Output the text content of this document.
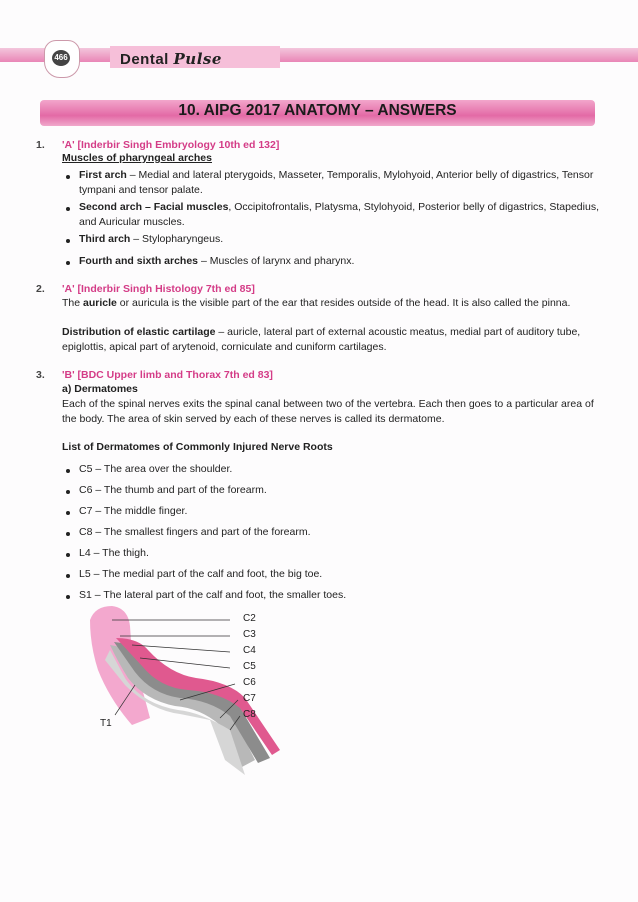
466	Dental Pulse
10. AIPG 2017 ANATOMY – ANSWERS
1. 'A' [Inderbir Singh Embryology 10th ed 132]
Muscles of pharyngeal arches
First arch – Medial and lateral pterygoids, Masseter, Temporalis, Mylohyoid, Anterior belly of digastrics, Tensor
tympani and tensor palate.
Second arch – Facial muscles, Occipitofrontalis, Platysma, Stylohyoid, Posterior belly of digastrics, Stapedius,
and Auricular muscles.
Third arch – Stylopharyngeus.
Fourth and sixth arches – Muscles of larynx and pharynx.
2. 'A' [Inderbir Singh Histology 7th ed 85]
The auricle or auricula is the visible part of the ear that resides outside of the head. It is also called the pinna.
Distribution of elastic cartilage – auricle, lateral part of external acoustic meatus, medial part of auditory tube,
epiglottis, apical part of arytenoid, corniculate and cuniform cartilages.
3. 'B' [BDC Upper limb and Thorax 7th ed 83]
a) Dermatomes
Each of the spinal nerves exits the spinal canal between two of the vertebra. Each then goes to a particular area of
the body. The area of skin served by each of these nerves is called its dermatome.
List of Dermatomes of Commonly Injured Nerve Roots
C5 – The area over the shoulder.
C6 – The thumb and part of the forearm.
C7 – The middle finger.
C8 – The smallest fingers and part of the forearm.
L4 – The thigh.
L5 – The medial part of the calf and foot, the big toe.
S1 – The lateral part of the calf and foot, the smaller toes.
C2
C3
C4
C5
C6
C7
C8
T1
